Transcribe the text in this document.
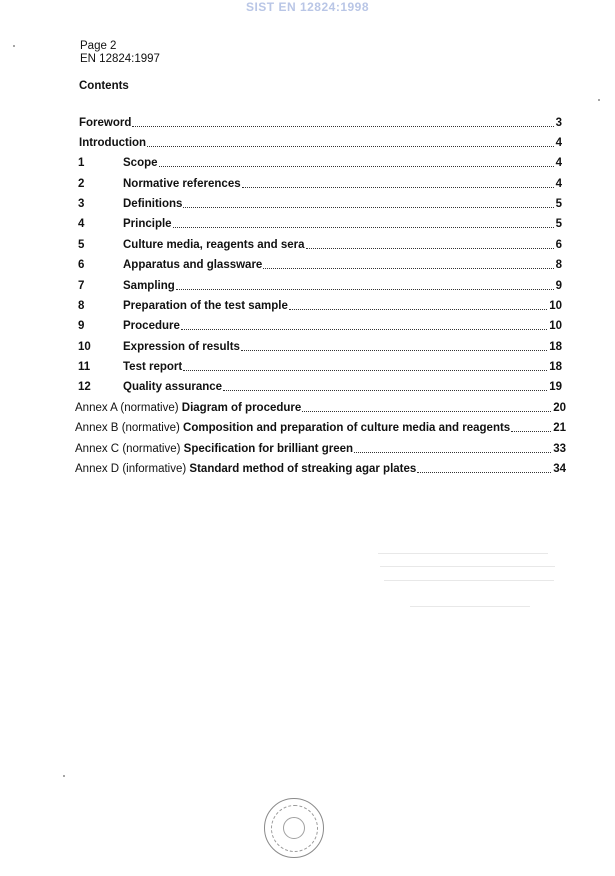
SIST EN 12824:1998
Page 2
EN 12824:1997
Contents
Foreword	3
Introduction	4
1	Scope	4
2	Normative references	4
3	Definitions	5
4	Principle	5
5	Culture media, reagents and sera	6
6	Apparatus and glassware	8
7	Sampling	9
8	Preparation of the test sample	10
9	Procedure	10
10	Expression of results	18
11	Test report	18
12	Quality assurance	19
Annex A (normative) Diagram of procedure	20
Annex B (normative) Composition and preparation of culture media and reagents	21
Annex C (normative) Specification for brilliant green	33
Annex D (informative) Standard method of streaking agar plates	34
